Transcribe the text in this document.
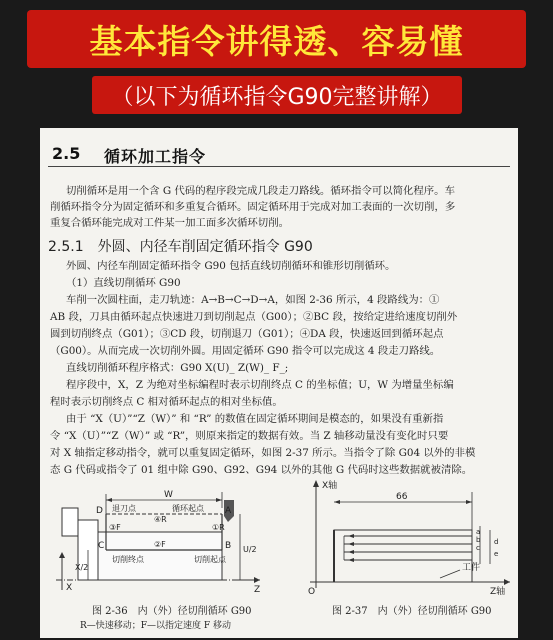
基本指令讲得透、容易懂
（以下为循环指令G90完整讲解）
2.5 循环加工指令
切削循环是用一个含 G 代码的程序段完成几段走刀路线。循环指令可以简化程序。车
削循环指令分为固定循环和多重复合循环。固定循环用于完成对加工表面的一次切削，多
重复合循环能完成对工件某一加工面多次循环切削。
2.5.1　外圆、内径车削固定循环指令 G90
外圆、内径车削固定循环指令 G90 包括直线切削循环和锥形切削循环。
（1）直线切削循环 G90
车削一次圆柱面，走刀轨迹：A→B→C→D→A，如图 2-36 所示，4 段路线为：①
AB 段，刀具由循环起点快速进刀到切削起点（G00）；②BC 段，按给定进给速度切削外
圆到切削终点（G01）；③CD 段，切削退刀（G01）；④DA 段，快速返回到循环起点
（G00）。从而完成一次切削外圆。用固定循环 G90 指令可以完成这 4 段走刀路线。
直线切削循环程序格式：G90 X(U)_ Z(W)_ F_;
程序段中，X，Z 为绝对坐标编程时表示切削终点 C 的坐标值；U，W 为增量坐标编
程时表示切削终点 C 相对循环起点的相对坐标值。
由于 “X（U）”“Z（W）” 和 “R” 的数值在固定循环期间是模态的，如果没有重新指
令 “X（U）”“Z（W）” 或 “R”，则原来指定的数据有效。当 Z 轴移动量没有变化时只要
对 X 轴指定移动指令，就可以重复固定循环，如图 2-37 所示。当指令了除 G04 以外的非模
态 G 代码或指令了 01 组中除 G90、G92、G94 以外的其他 G 代码时这些数据就被清除。
W
U/2
X/2
Z
X
A
B
C
D 退刀点	循环起点
切削终点	切削起点
①R
②F
③F
④R
图 2-36　内（外）径切削循环 G90
R—快速移动；F—以指定速度 F 移动
工件
X轴
Z轴
O
66
a
b
c
d
e
图 2-37　内（外）径切削循环 G90
